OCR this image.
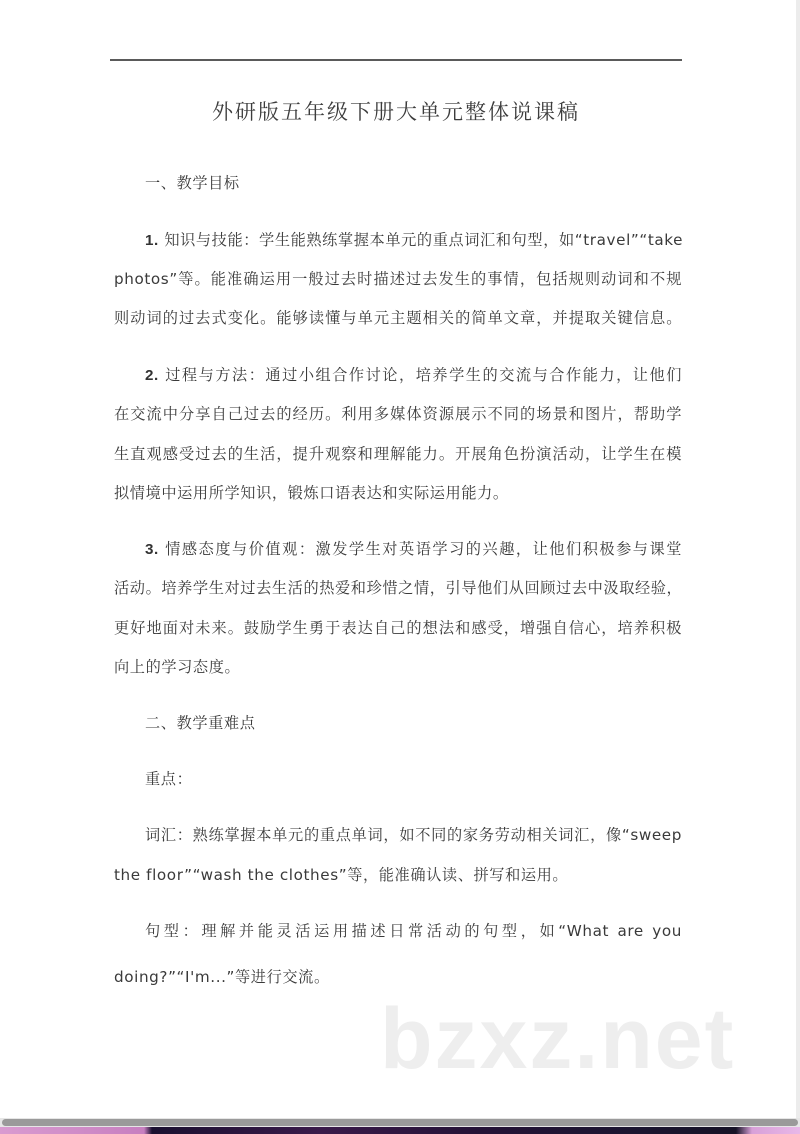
外研版五年级下册大单元整体说课稿
一、教学目标
1. 知识与技能：学生能熟练掌握本单元的重点词汇和句型，如“travel”“take
photos”等。能准确运用一般过去时描述过去发生的事情，包括规则动词和不规
则动词的过去式变化。能够读懂与单元主题相关的简单文章，并提取关键信息。
2. 过程与方法：通过小组合作讨论，培养学生的交流与合作能力，让他们
在交流中分享自己过去的经历。利用多媒体资源展示不同的场景和图片，帮助学
生直观感受过去的生活，提升观察和理解能力。开展角色扮演活动，让学生在模
拟情境中运用所学知识，锻炼口语表达和实际运用能力。
3. 情感态度与价值观：激发学生对英语学习的兴趣，让他们积极参与课堂
活动。培养学生对过去生活的热爱和珍惜之情，引导他们从回顾过去中汲取经验，
更好地面对未来。鼓励学生勇于表达自己的想法和感受，增强自信心，培养积极
向上的学习态度。
二、教学重难点
重点：
词汇：熟练掌握本单元的重点单词，如不同的家务劳动相关词汇，像“sweep
the floor”“wash the clothes”等，能准确认读、拼写和运用。
句型：理解并能灵活运用描述日常活动的句型，如“What are you
doing?”“I'm...”等进行交流。
bzxz.net
